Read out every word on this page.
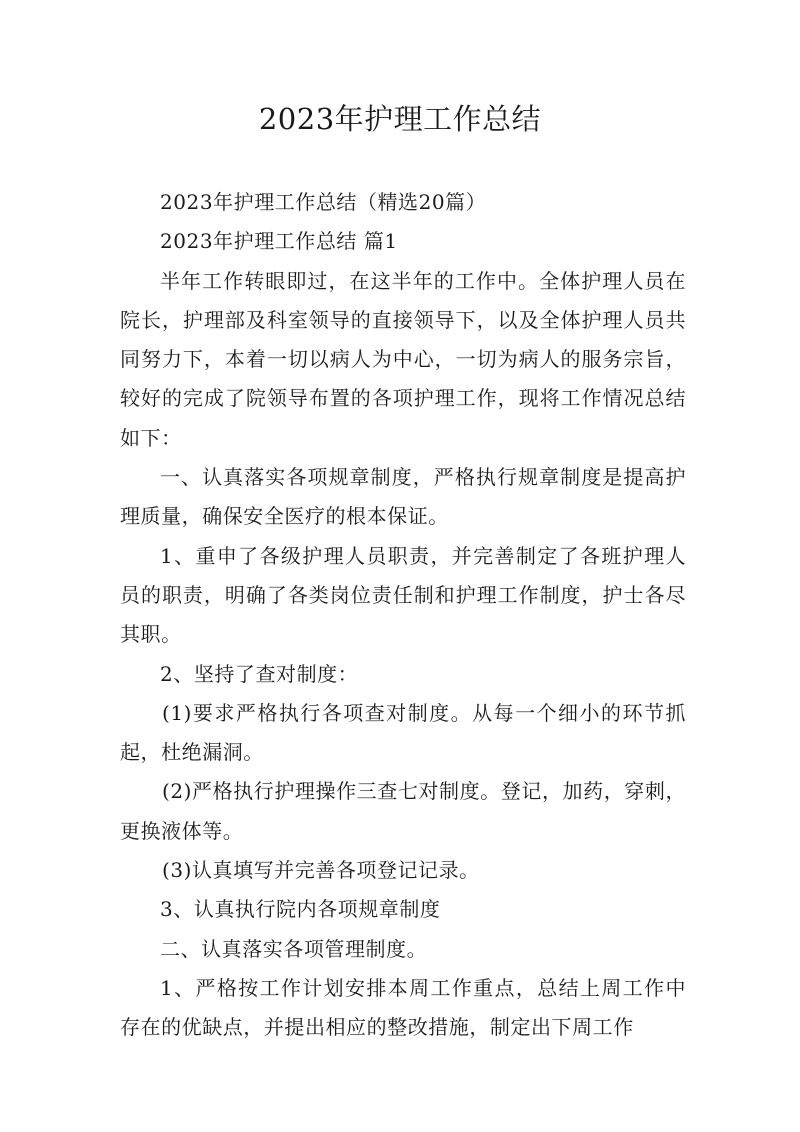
2023年护理工作总结

2023年护理工作总结（精选20篇）

2023年护理工作总结 篇1

半年工作转眼即过，在这半年的工作中。全体护理人员在院长，护理部及科室领导的直接领导下，以及全体护理人员共同努力下，本着一切以病人为中心，一切为病人的服务宗旨，较好的完成了院领导布置的各项护理工作，现将工作情况总结如下：

一、认真落实各项规章制度，严格执行规章制度是提高护理质量，确保安全医疗的根本保证。

1、重申了各级护理人员职责，并完善制定了各班护理人员的职责，明确了各类岗位责任制和护理工作制度，护士各尽其职。

2、坚持了查对制度：

(1)要求严格执行各项查对制度。从每一个细小的环节抓起，杜绝漏洞。

(2)严格执行护理操作三查七对制度。登记，加药，穿刺，更换液体等。

(3)认真填写并完善各项登记记录。

3、认真执行院内各项规章制度

二、认真落实各项管理制度。

1、严格按工作计划安排本周工作重点，总结上周工作中存在的优缺点，并提出相应的整改措施，制定出下周工作
